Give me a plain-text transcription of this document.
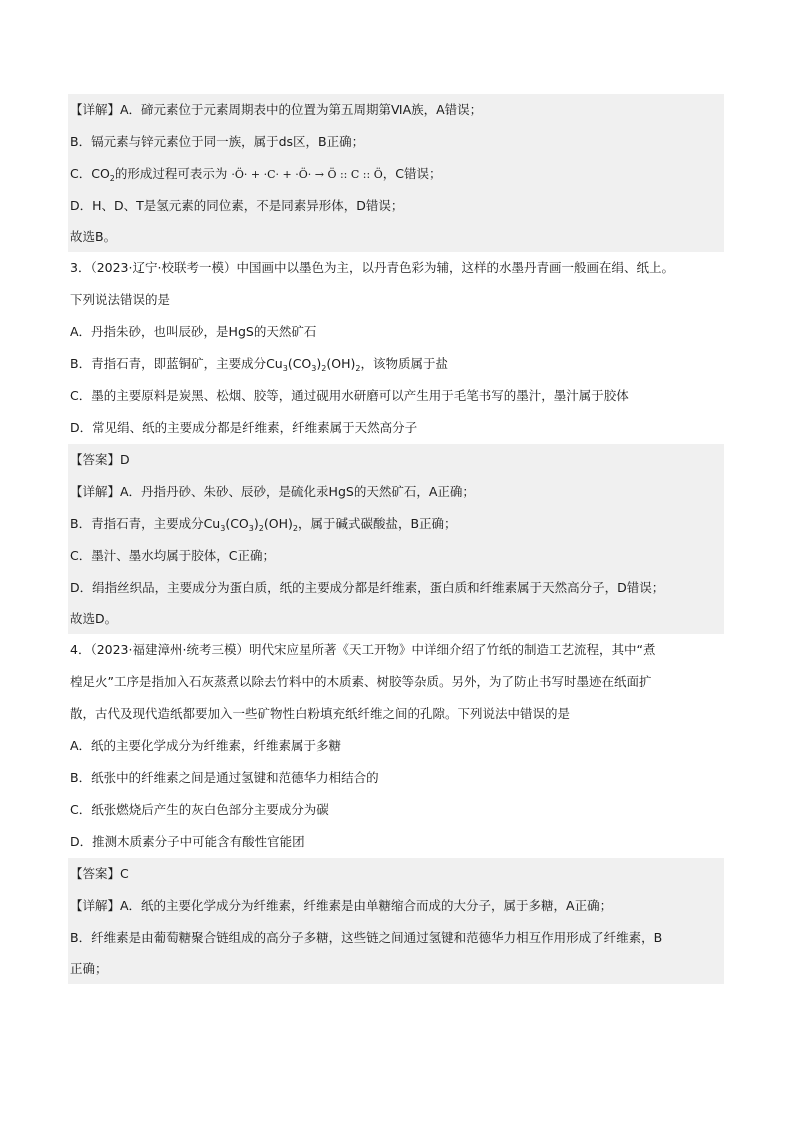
【详解】A．碲元素位于元素周期表中的位置为第五周期第ⅥA族，A错误；
B．镉元素与锌元素位于同一族，属于ds区，B正确；
C．$CO_2$的形成过程可表示为 ·Ö· + ·C· + ·Ö· → Ö :: C :: Ö，C错误；
D．H、D、T是氢元素的同位素，不是同素异形体，D错误；
故选B。
3．（2023·辽宁·校联考一模）中国画中以墨色为主，以丹青色彩为辅，这样的水墨丹青画一般画在绢、纸上。
下列说法错误的是
A．丹指朱砂，也叫辰砂，是HgS的天然矿石
B．青指石青，即蓝铜矿，主要成分$Cu_3(CO_3)_2(OH)_2$，该物质属于盐
C．墨的主要原料是炭黑、松烟、胶等，通过砚用水研磨可以产生用于毛笔书写的墨汁，墨汁属于胶体
D．常见绢、纸的主要成分都是纤维素，纤维素属于天然高分子
【答案】D
【详解】A．丹指丹砂、朱砂、辰砂，是硫化汞HgS的天然矿石，A正确；
B．青指石青，主要成分$Cu_3(CO_3)_2(OH)_2$，属于碱式碳酸盐，B正确；
C．墨汁、墨水均属于胶体，C正确；
D．绢指丝织品，主要成分为蛋白质，纸的主要成分都是纤维素，蛋白质和纤维素属于天然高分子，D错误；
故选D。
4．（2023·福建漳州·统考三模）明代宋应星所著《天工开物》中详细介绍了竹纸的制造工艺流程，其中“煮
楻足火”工序是指加入石灰蒸煮以除去竹料中的木质素、树胶等杂质。另外，为了防止书写时墨迹在纸面扩
散，古代及现代造纸都要加入一些矿物性白粉填充纸纤维之间的孔隙。下列说法中错误的是
A．纸的主要化学成分为纤维素，纤维素属于多糖
B．纸张中的纤维素之间是通过氢键和范德华力相结合的
C．纸张燃烧后产生的灰白色部分主要成分为碳
D．推测木质素分子中可能含有酸性官能团
【答案】C
【详解】A．纸的主要化学成分为纤维素，纤维素是由单糖缩合而成的大分子，属于多糖，A正确；
B．纤维素是由葡萄糖聚合链组成的高分子多糖，这些链之间通过氢键和范德华力相互作用形成了纤维素，B
正确；
